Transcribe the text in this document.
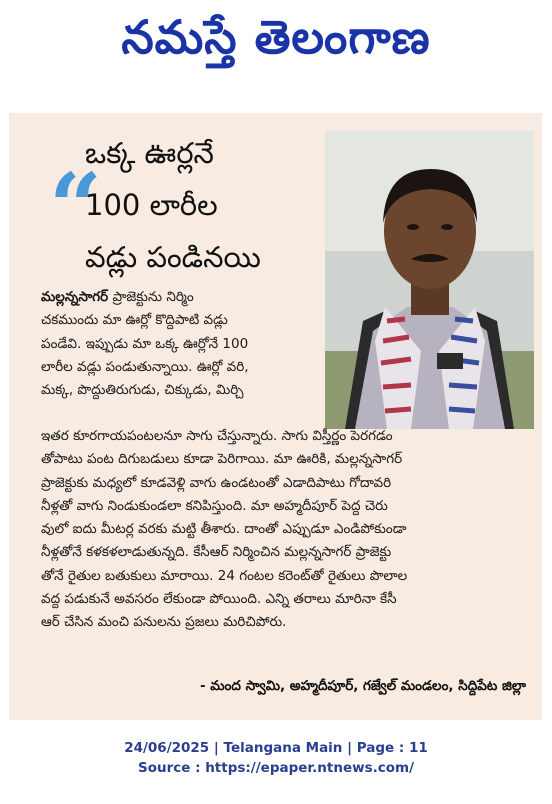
నమస్తే తెలంగాణ
“
ఒక్క ఊర్లనే
100 లారీల
వడ్లు పండినయి
మల్లన్నసాగర్ ప్రాజెక్టును నిర్మిం
చకముందు మా ఊర్లో కొద్దిపాటి వడ్లు
పండేవి. ఇప్పుడు మా ఒక్క ఊర్లోనే 100
లారీల వడ్లు పండుతున్నాయి. ఊర్లో వరి,
మక్క, పొద్దుతిరుగుడు, చిక్కుడు, మిర్చి
ఇతర కూరగాయపంటలనూ సాగు చేస్తున్నారు. సాగు విస్తీర్ణం పెరగడం
తోపాటు పంట దిగుబడులు కూడా పెరిగాయి. మా ఊరికి, మల్లన్నసాగర్
ప్రాజెక్టుకు మధ్యలో కూడవెళ్లి వాగు ఉండటంతో ఎడాదిపాటు గోదావరి
నీళ్లతో వాగు నిండుకుండలా కనిపిస్తుంది. మా అహ్మదీపూర్ పెద్ద చెరు
వులో ఐదు మీటర్ల వరకు మట్టి తీశారు. దాంతో ఎప్పుడూ ఎండిపోకుండా
నీళ్లతోనే కళకళలాడుతున్నది. కేసీఆర్ నిర్మించిన మల్లన్నసాగర్ ప్రాజెక్టు
తోనే రైతుల బతుకులు మారాయి. 24 గంటల కరెంట్‌తో రైతులు పొలాల
వద్ద పడుకునే అవసరం లేకుండా పోయింది. ఎన్ని తరాలు మారినా కేసీ
ఆర్ చేసిన మంచి పనులను ప్రజలు మరిచిపోరు.
- మంద స్వామి, అహ్మదీపూర్, గజ్వేల్ మండలం, సిద్దిపేట జిల్లా
24/06/2025 | Telangana Main | Page : 11
Source : https://epaper.ntnews.com/
